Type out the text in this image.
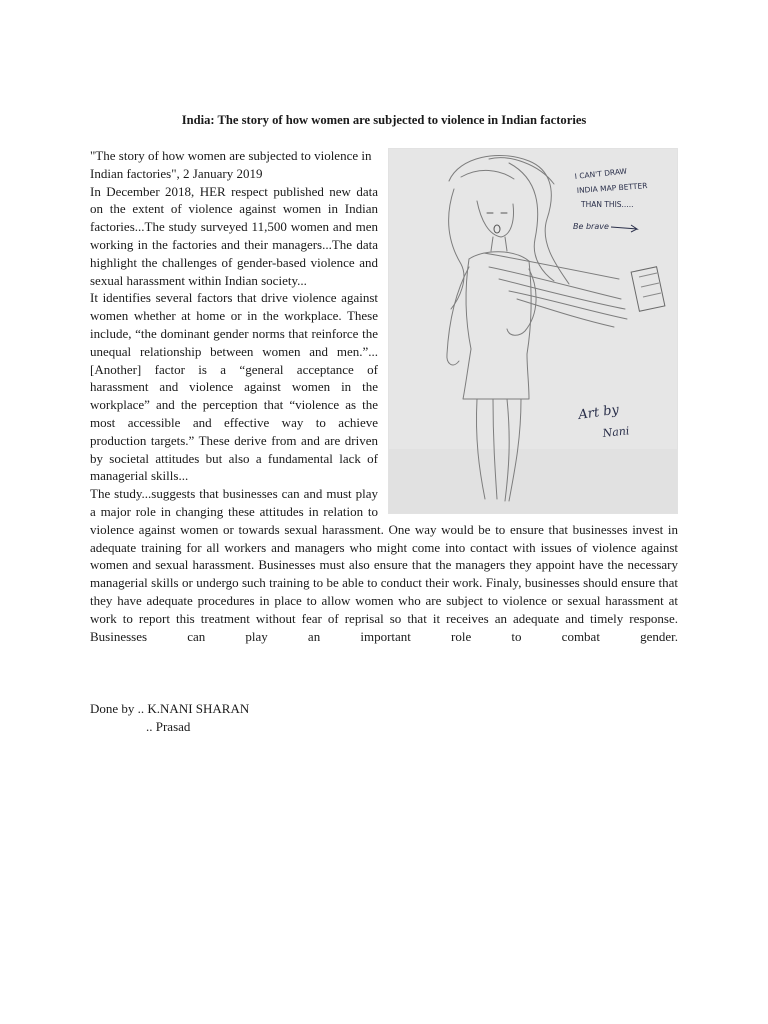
India: The story of how women are subjected to violence in Indian factories
I CAN'T DRAW
INDIA MAP BETTER
THAN THIS.....
Be brave
Art by
Nani

"The story of how women are subjected to violence in Indian factories", 2 January 2019

In December 2018, HER respect published new data on the extent of violence against women in Indian factories...The study surveyed 11,500 women and men working in the factories and their managers...The data highlight the challenges of gender-based violence and sexual harassment within Indian society...

It identifies several factors that drive violence against women whether at home or in the workplace. These include, “the dominant gender norms that reinforce the unequal relationship between women and men.”...[Another] factor is a “general acceptance of harassment and violence against women in the workplace” and the perception that “violence as the most accessible and effective way to achieve production targets.” These derive from and are driven by societal attitudes but also a fundamental lack of managerial skills...

The study...suggests that businesses can and must play a major role in changing these attitudes in relation to violence against women or towards sexual harassment. One way would be to ensure that businesses invest in adequate training for all workers and managers who might come into contact with issues of violence against women and sexual harassment. Businesses must also ensure that the managers they appoint have the necessary managerial skills or undergo such training to be able to conduct their work. Finaly, businesses should ensure that they have adequate procedures in place to allow women who are subject to violence or sexual harassment at work to report this treatment without fear of reprisal so that it receives an adequate and timely response. Businesses can play an important role to combat gender.

Done by .. K.NANI SHARAN
.. Prasad
